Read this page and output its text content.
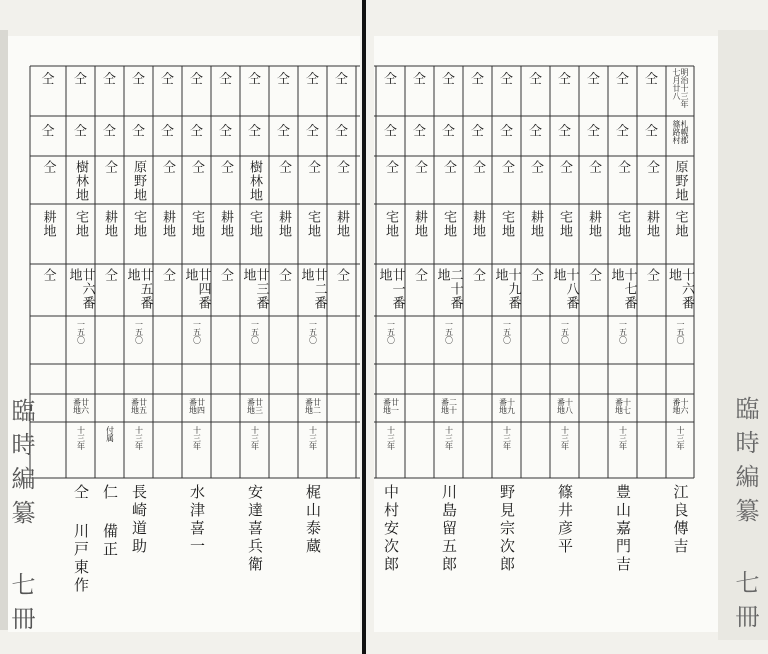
仝
仝
仝
耕地
仝
仝
仝
樹林地
宅地
廿六番地
一五〇
廿六番地
十三年
仝 川戸東作
仝
仝
仝
耕地
仝
付属
仁 備正
仝
仝
原野地
宅地
廿五番地
一五〇
廿五番地
十三年
長崎道助
仝
仝
仝
耕地
仝
仝
仝
仝
宅地
廿四番地
一五〇
廿四番地
十三年
水津喜一
仝
仝
仝
耕地
仝
仝
仝
樹林地
宅地
廿三番地
一五〇
廿三番地
十三年
安達喜兵衛
仝
仝
仝
耕地
仝
仝
仝
仝
宅地
廿二番地
一五〇
廿二番地
十三年
梶山泰蔵
仝
仝
仝
耕地
仝
仝
仝
仝
宅地
廿一番地
一五〇
廿一番地
十三年
中村安次郎
仝
仝
仝
耕地
仝
仝
仝
仝
宅地
二十番地
一五〇
二十番地
十三年
川島留五郎
仝
仝
仝
耕地
仝
仝
仝
仝
宅地
十九番地
一五〇
十九番地
十三年
野見宗次郎
仝
仝
仝
耕地
仝
仝
仝
仝
宅地
十八番地
一五〇
十八番地
十三年
篠井彦平
仝
仝
仝
耕地
仝
仝
仝
仝
宅地
十七番地
一五〇
十七番地
十三年
豊山嘉門吉
仝
仝
仝
耕地
仝
明治十三年 七月廿八
札幌郡 篠路村
原野地
宅地
十六番地
一五〇
十六番地
十三年
江良傳吉
臨時編纂 七冊	臨時編纂 七冊
